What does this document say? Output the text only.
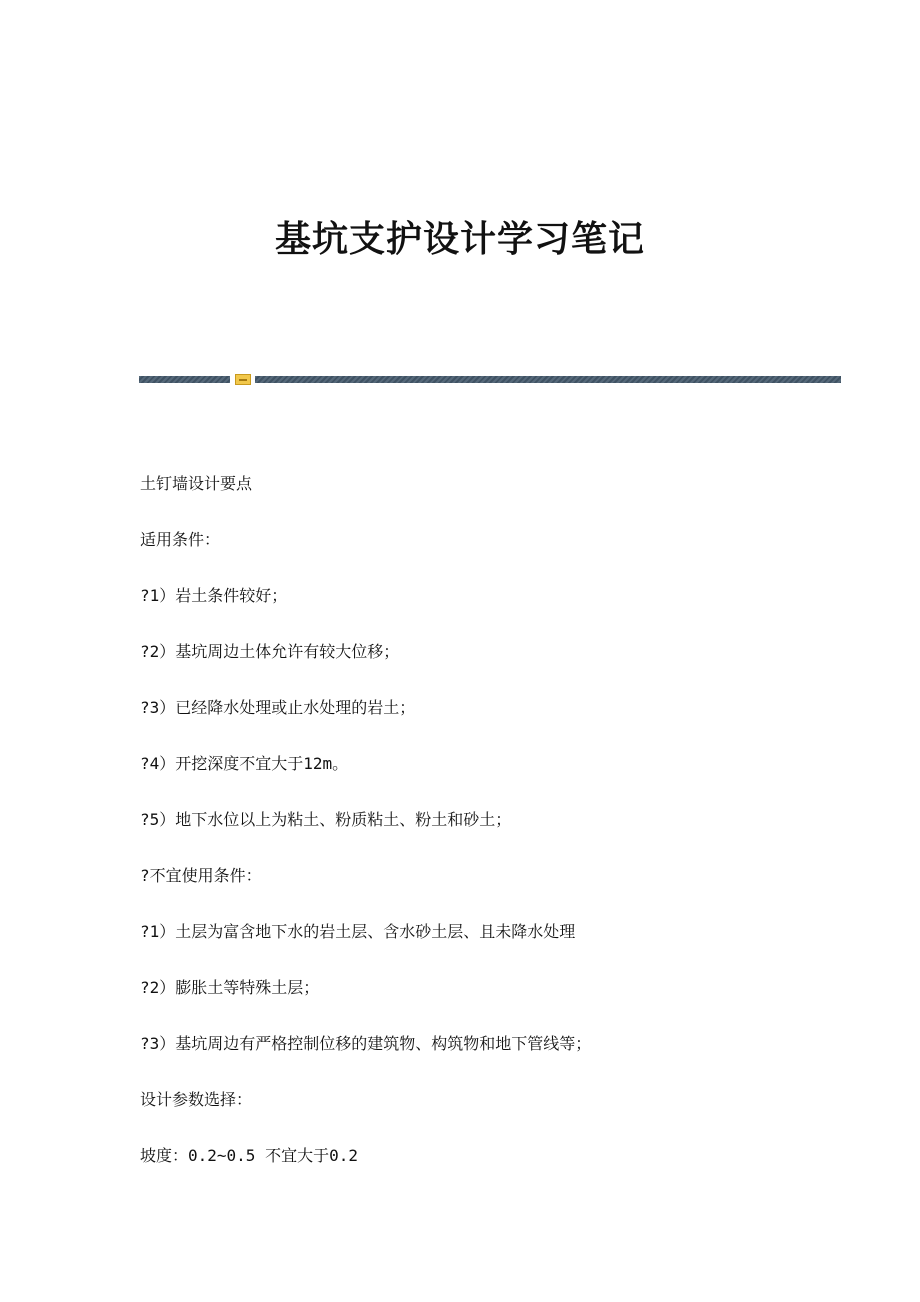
基坑支护设计学习笔记
土钉墙设计要点
适用条件：
?1）岩土条件较好；
?2）基坑周边土体允许有较大位移；
?3）已经降水处理或止水处理的岩土；
?4）开挖深度不宜大于12m。
?5）地下水位以上为粘土、粉质粘土、粉土和砂土；
?不宜使用条件：
?1）土层为富含地下水的岩土层、含水砂土层、且未降水处理
?2）膨胀土等特殊土层；
?3）基坑周边有严格控制位移的建筑物、构筑物和地下管线等；
设计参数选择：
坡度：0.2~0.5 不宜大于0.2
